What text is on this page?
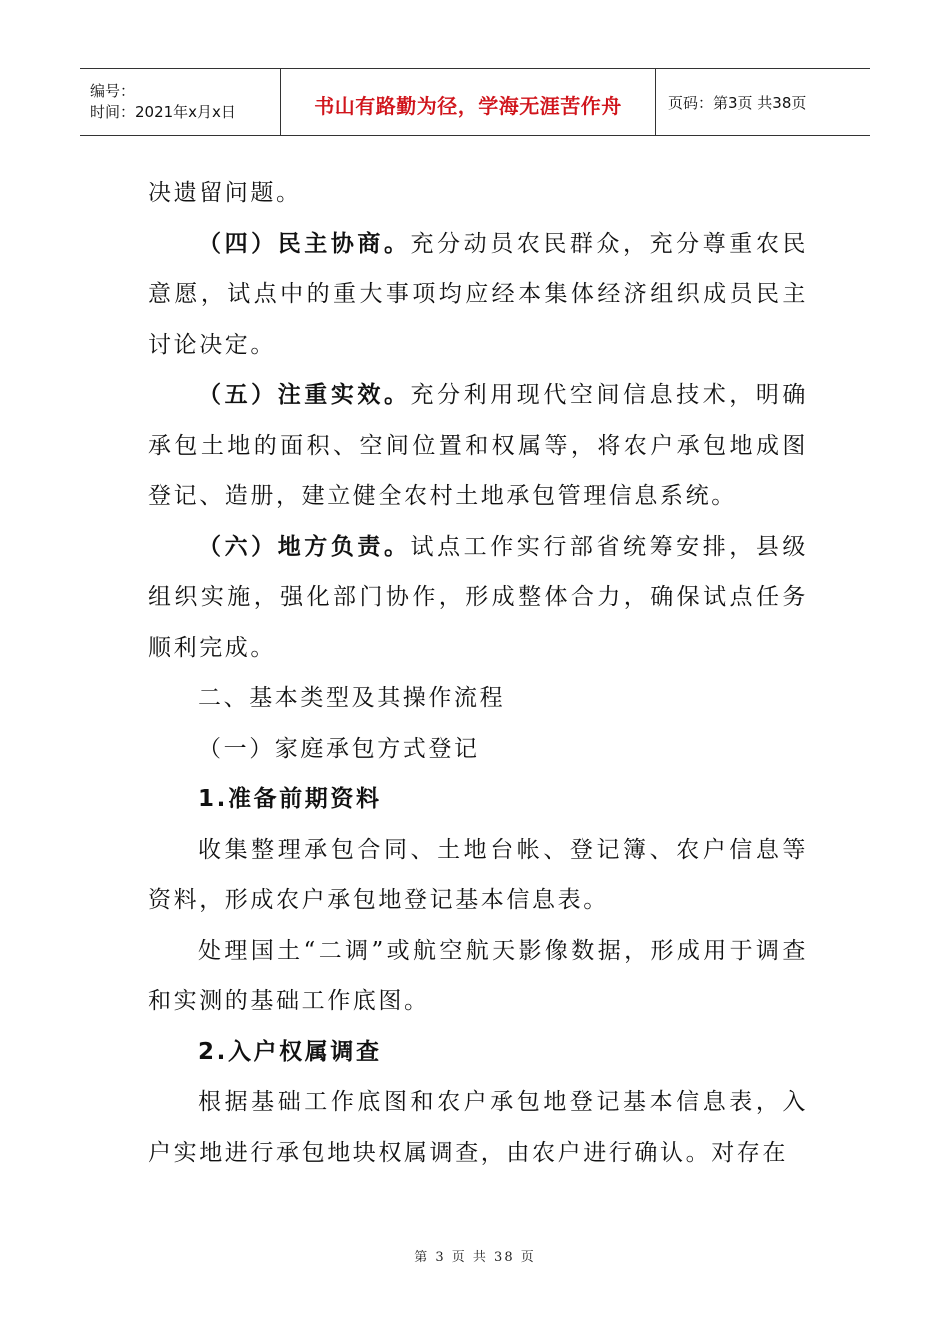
编号：
时间：2021年x月x日	书山有路勤为径，学海无涯苦作舟	页码：第3页 共38页

决遗留问题。

（四）民主协商。充分动员农民群众，充分尊重农民意愿，试点中的重大事项均应经本集体经济组织成员民主讨论决定。

（五）注重实效。充分利用现代空间信息技术，明确承包土地的面积、空间位置和权属等，将农户承包地成图登记、造册，建立健全农村土地承包管理信息系统。

（六）地方负责。试点工作实行部省统筹安排，县级组织实施，强化部门协作，形成整体合力，确保试点任务顺利完成。

二、基本类型及其操作流程

（一）家庭承包方式登记

1.准备前期资料

收集整理承包合同、土地台帐、登记簿、农户信息等资料，形成农户承包地登记基本信息表。

处理国土“二调”或航空航天影像数据，形成用于调查和实测的基础工作底图。

2.入户权属调查

根据基础工作底图和农户承包地登记基本信息表，入户实地进行承包地块权属调查，由农户进行确认。对存在

第 3 页 共 38 页
